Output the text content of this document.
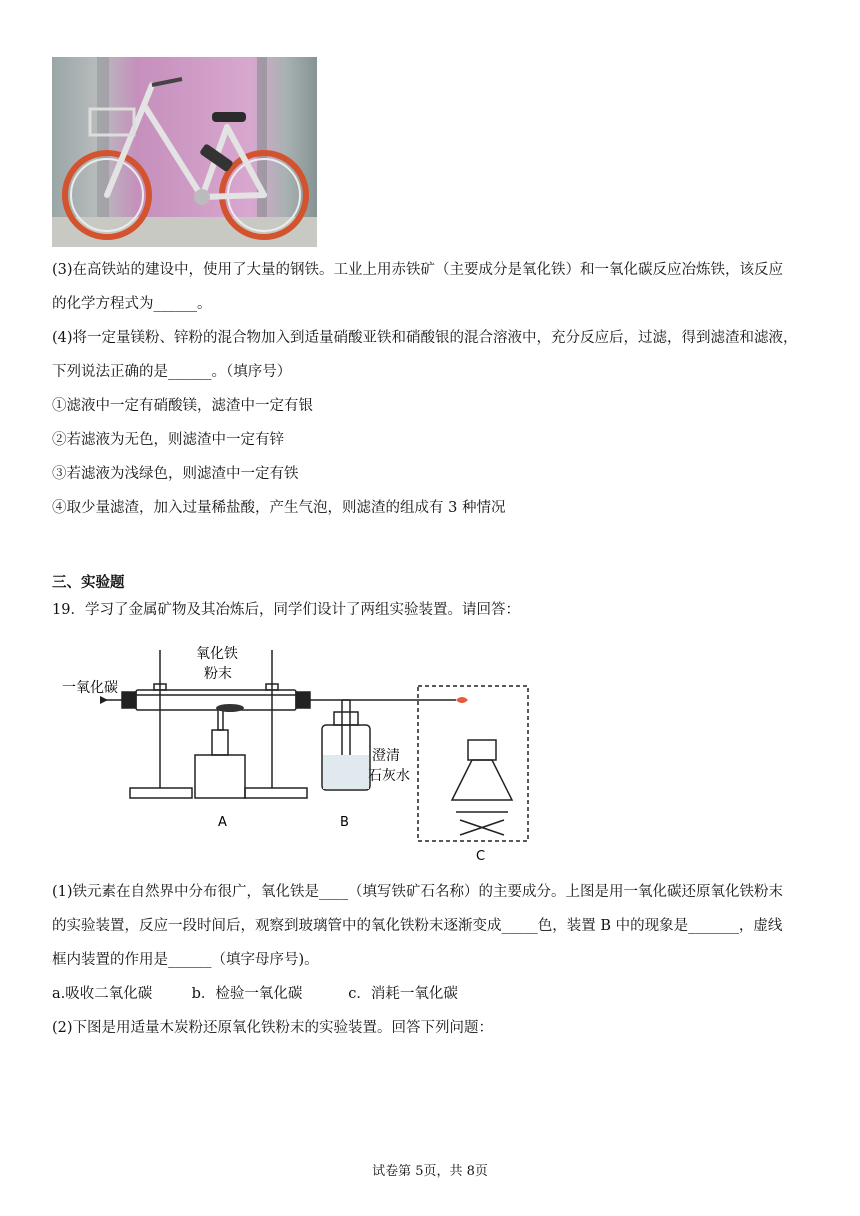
(3)在高铁站的建设中，使用了大量的钢铁。工业上用赤铁矿（主要成分是氧化铁）和一氧化碳反应冶炼铁，该反应
的化学方程式为______。
(4)将一定量镁粉、锌粉的混合物加入到适量硝酸亚铁和硝酸银的混合溶液中，充分反应后，过滤，得到滤渣和滤液，
下列说法正确的是______。（填序号）
①滤液中一定有硝酸镁，滤渣中一定有银
②若滤液为无色，则滤渣中一定有锌
③若滤液为浅绿色，则滤渣中一定有铁
④取少量滤渣，加入过量稀盐酸，产生气泡，则滤渣的组成有 3 种情况
三、实验题
19．学习了金属矿物及其冶炼后，同学们设计了两组实验装置。请回答：
一氧化碳
氧化铁
粉末
澄清
石灰水
A	B
C
(1)铁元素在自然界中分布很广，氧化铁是____（填写铁矿石名称）的主要成分。上图是用一氧化碳还原氧化铁粉末
的实验装置，反应一段时间后，观察到玻璃管中的氧化铁粉末逐渐变成_____色，装置 B 中的现象是_______，虚线
框内装置的作用是______（填字母序号)。
a.吸收二氧化碳	b．检验一氧化碳	c．消耗一氧化碳
(2)下图是用适量木炭粉还原氧化铁粉末的实验装置。回答下列问题：
试卷第 5页，共 8页
